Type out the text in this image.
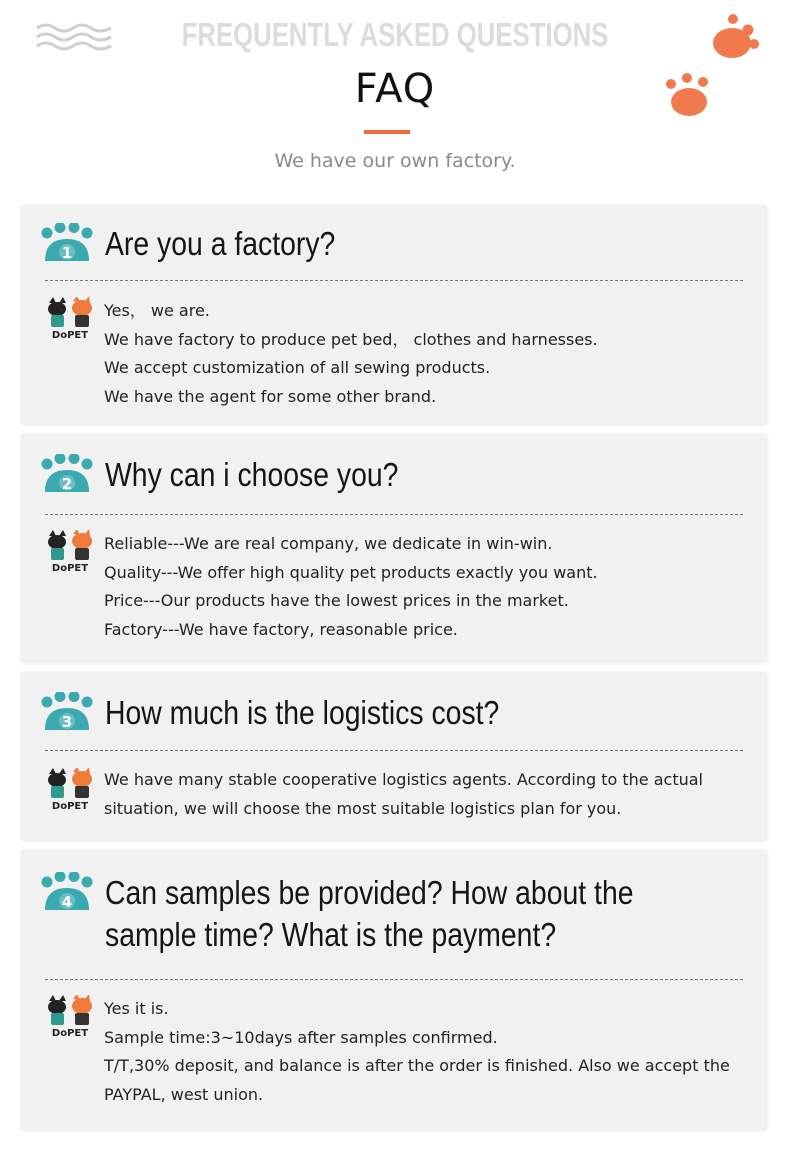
FREQUENTLY ASKED QUESTIONS
FAQ
We have our own factory.
1 Are you a factory?
DoPET
Yes， we are.
We have factory to produce pet bed， clothes and harnesses.
We accept customization of all sewing products.
We have the agent for some other brand.
2 Why can i choose you?
DoPET
Reliable---We are real company, we dedicate in win-win.
Quality---We offer high quality pet products exactly you want.
Price---Our products have the lowest prices in the market.
Factory---We have factory, reasonable price.
3 How much is the logistics cost?
DoPET
We have many stable cooperative logistics agents. According to the actual situation, we will choose the most suitable logistics plan for you.
4 Can samples be provided? How about the sample time? What is the payment?
DoPET
Yes it is.
Sample time:3~10days after samples confirmed.
T/T,30% deposit, and balance is after the order is finished. Also we accept the PAYPAL, west union.
